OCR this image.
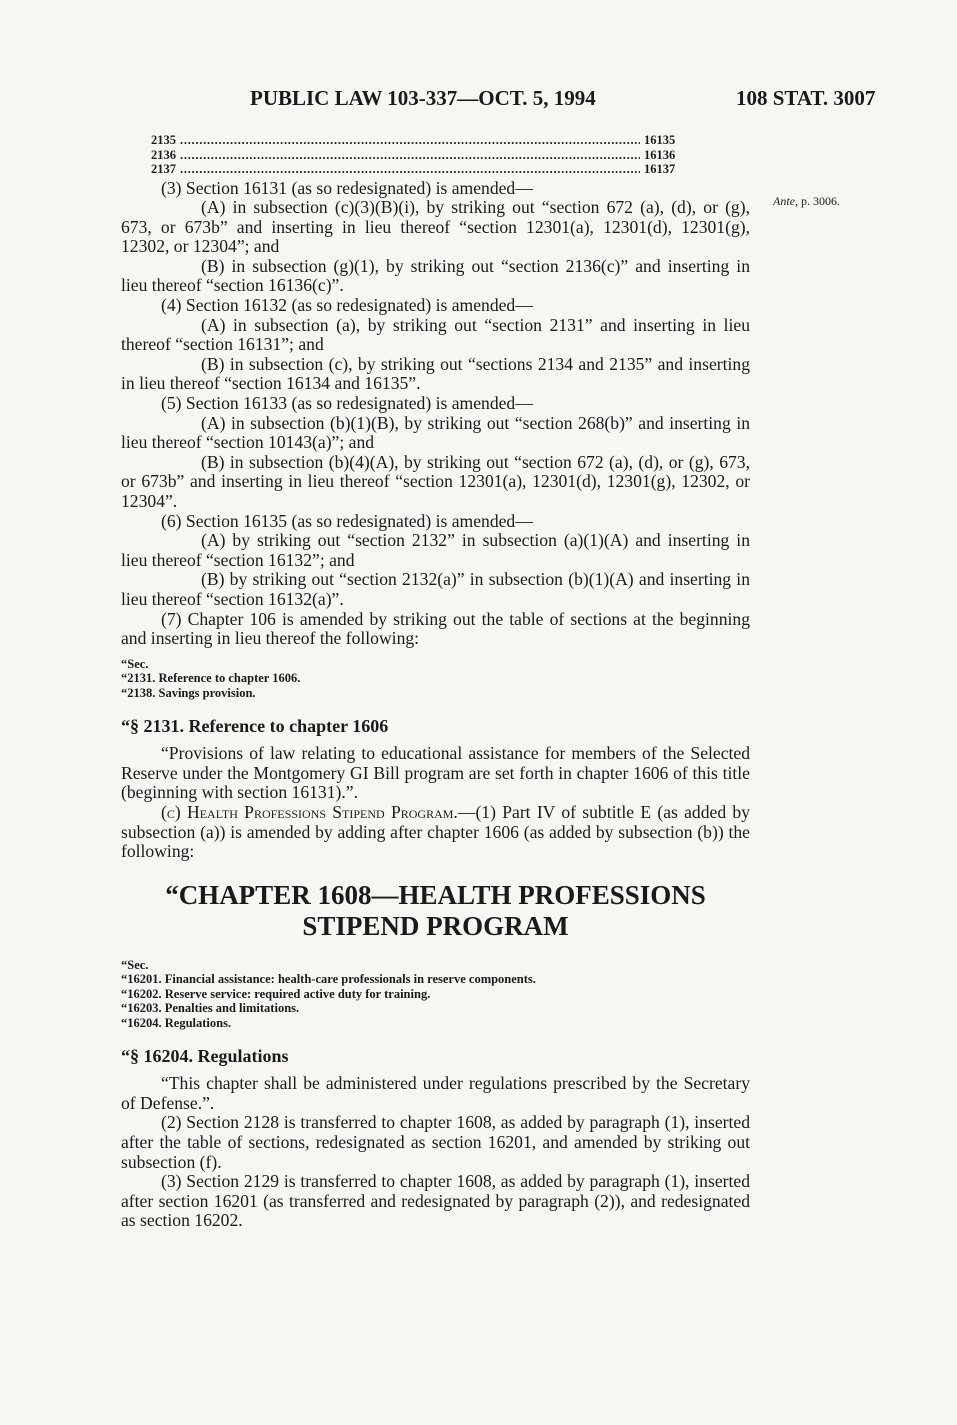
PUBLIC LAW 103-337—OCT. 5, 1994	108 STAT. 3007
Ante, p. 3006.
2135 . . .	16135
2136 . . .	16136
2137 . . .	16137

(3) Section 16131 (as so redesignated) is amended—

(A) in subsection (c)(3)(B)(i), by striking out “section 672 (a), (d), or (g), 673, or 673b” and inserting in lieu thereof “section 12301(a), 12301(d), 12301(g), 12302, or 12304”; and

(B) in subsection (g)(1), by striking out “section 2136(c)” and inserting in lieu thereof “section 16136(c)”.

(4) Section 16132 (as so redesignated) is amended—

(A) in subsection (a), by striking out “section 2131” and inserting in lieu thereof “section 16131”; and

(B) in subsection (c), by striking out “sections 2134 and 2135” and inserting in lieu thereof “section 16134 and 16135”.

(5) Section 16133 (as so redesignated) is amended—

(A) in subsection (b)(1)(B), by striking out “section 268(b)” and inserting in lieu thereof “section 10143(a)”; and

(B) in subsection (b)(4)(A), by striking out “section 672 (a), (d), or (g), 673, or 673b” and inserting in lieu thereof “section 12301(a), 12301(d), 12301(g), 12302, or 12304”.

(6) Section 16135 (as so redesignated) is amended—

(A) by striking out “section 2132” in subsection (a)(1)(A) and inserting in lieu thereof “section 16132”; and

(B) by striking out “section 2132(a)” in subsection (b)(1)(A) and inserting in lieu thereof “section 16132(a)”.

(7) Chapter 106 is amended by striking out the table of sections at the beginning and inserting in lieu thereof the following:

“Sec.
“2131. Reference to chapter 1606.
“2138. Savings provision.
“§ 2131. Reference to chapter 1606

“Provisions of law relating to educational assistance for members of the Selected Reserve under the Montgomery GI Bill program are set forth in chapter 1606 of this title (beginning with section 16131).”.

(c) Health Professions Stipend Program.—(1) Part IV of subtitle E (as added by subsection (a)) is amended by adding after chapter 1606 (as added by subsection (b)) the following:

“CHAPTER 1608—HEALTH PROFESSIONS
STIPEND PROGRAM
“Sec.
“16201. Financial assistance: health-care professionals in reserve components.
“16202. Reserve service: required active duty for training.
“16203. Penalties and limitations.
“16204. Regulations.
“§ 16204. Regulations

“This chapter shall be administered under regulations prescribed by the Secretary of Defense.”.

(2) Section 2128 is transferred to chapter 1608, as added by paragraph (1), inserted after the table of sections, redesignated as section 16201, and amended by striking out subsection (f).

(3) Section 2129 is transferred to chapter 1608, as added by paragraph (1), inserted after section 16201 (as transferred and redesignated by paragraph (2)), and redesignated as section 16202.
